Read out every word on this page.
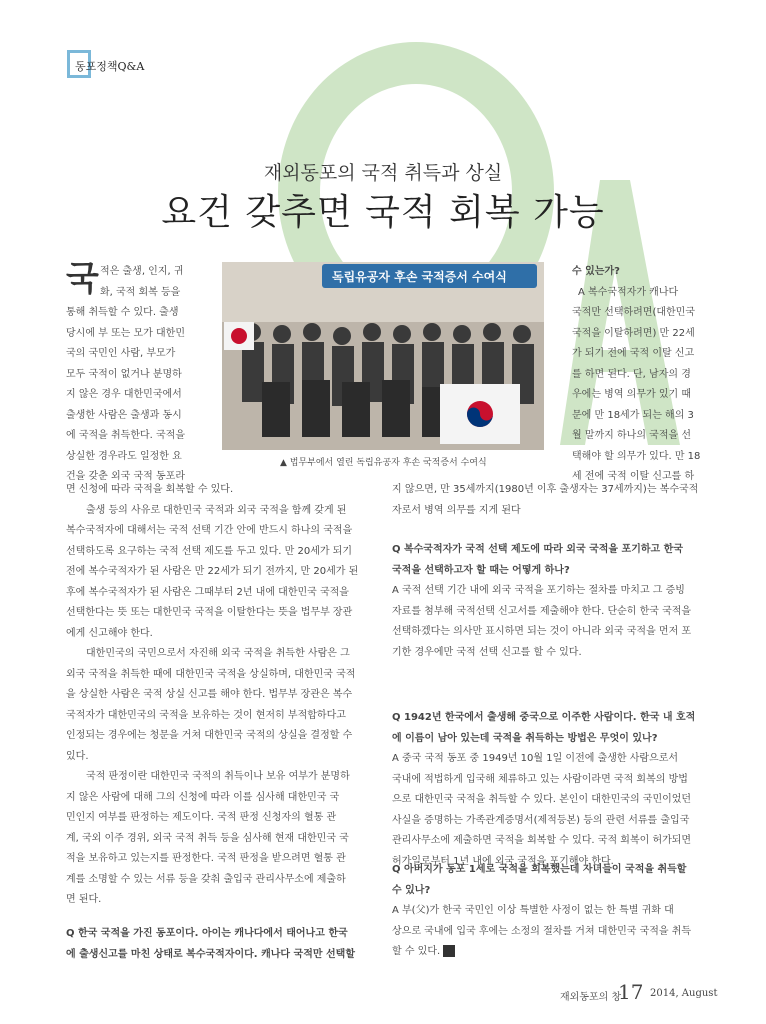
동포정책Q&A
재외동포의 국적 취득과 상실
요건 갖추면 국적 회복 가능
독립유공자 후손 국적증서 수여식
▲ 법무부에서 열린 독립유공자 후손 국적증서 수여식
국 적은 출생, 인지, 귀
화, 국적 회복 등을
통해 취득할 수 있다. 출생
당시에 부 또는 모가 대한민
국의 국민인 사람, 부모가
모두 국적이 없거나 분명하
지 않은 경우 대한민국에서
출생한 사람은 출생과 동시
에 국적을 취득한다. 국적을
상실한 경우라도 일정한 요
건을 갖춘 외국 국적 동포라
면 신청에 따라 국적을 회복할 수 있다.
출생 등의 사유로 대한민국 국적과 외국 국적을 함께 갖게 된
복수국적자에 대해서는 국적 선택 기간 안에 반드시 하나의 국적을
선택하도록 요구하는 국적 선택 제도를 두고 있다. 만 20세가 되기
전에 복수국적자가 된 사람은 만 22세가 되기 전까지, 만 20세가 된
후에 복수국적자가 된 사람은 그때부터 2년 내에 대한민국 국적을
선택한다는 뜻 또는 대한민국 국적을 이탈한다는 뜻을 법무부 장관
에게 신고해야 한다.
대한민국의 국민으로서 자진해 외국 국적을 취득한 사람은 그
외국 국적을 취득한 때에 대한민국 국적을 상실하며, 대한민국 국적
을 상실한 사람은 국적 상실 신고를 해야 한다. 법무부 장관은 복수
국적자가 대한민국의 국적을 보유하는 것이 현저히 부적합하다고
인정되는 경우에는 청문을 거쳐 대한민국 국적의 상실을 결정할 수
있다.
국적 판정이란 대한민국 국적의 취득이나 보유 여부가 분명하
지 않은 사람에 대해 그의 신청에 따라 이를 심사해 대한민국 국
민인지 여부를 판정하는 제도이다. 국적 판정 신청자의 혈통 관
계, 국외 이주 경위, 외국 국적 취득 등을 심사해 현재 대한민국 국
적을 보유하고 있는지를 판정한다. 국적 판정을 받으려면 혈통 관
계를 소명할 수 있는 서류 등을 갖춰 출입국 관리사무소에 제출하
면 된다.
Q 한국 국적을 가진 동포이다. 아이는 캐나다에서 태어나고 한국
에 출생신고를 마친 상태로 복수국적자이다. 캐나다 국적만 선택할
수 있는가?
A 복수국적자가 캐나다
국적만 선택하려면(대한민국
국적을 이탈하려면) 만 22세
가 되기 전에 국적 이탈 신고
를 하면 된다. 단, 남자의 경
우에는 병역 의무가 있기 때
문에 만 18세가 되는 해의 3
월 말까지 하나의 국적을 선
택해야 할 의무가 있다. 만 18
세 전에 국적 이탈 신고를 하
지 않으면, 만 35세까지(1980년 이후 출생자는 37세까지)는 복수국적
자로서 병역 의무를 지게 된다
Q 복수국적자가 국적 선택 제도에 따라 외국 국적을 포기하고 한국
국적을 선택하고자 할 때는 어떻게 하나?
A 국적 선택 기간 내에 외국 국적을 포기하는 절차를 마치고 그 증빙
자료를 첨부해 국적선택 신고서를 제출해야 한다. 단순히 한국 국적을
선택하겠다는 의사만 표시하면 되는 것이 아니라 외국 국적을 먼저 포
기한 경우에만 국적 선택 신고를 할 수 있다.
Q 1942년 한국에서 출생해 중국으로 이주한 사람이다. 한국 내 호적
에 이름이 남아 있는데 국적을 취득하는 방법은 무엇이 있나?
A 중국 국적 동포 중 1949년 10월 1일 이전에 출생한 사람으로서
국내에 적법하게 입국해 체류하고 있는 사람이라면 국적 회복의 방법
으로 대한민국 국적을 취득할 수 있다. 본인이 대한민국의 국민이었던
사실을 증명하는 가족관계증명서(제적등본) 등의 관련 서류를 출입국
관리사무소에 제출하면 국적을 회복할 수 있다. 국적 회복이 허가되면
허가일로부터 1년 내에 외국 국적을 포기해야 한다.
Q 아버지가 동포 1세로 국적을 회복했는데 자녀들이 국적을 취득할
수 있나?
A 부(父)가 한국 국민인 이상 특별한 사정이 없는 한 특별 귀화 대
상으로 국내에 입국 후에는 소정의 절차를 거쳐 대한민국 국적을 취득
할 수 있다.
재외동포의 창
17 2014, August
